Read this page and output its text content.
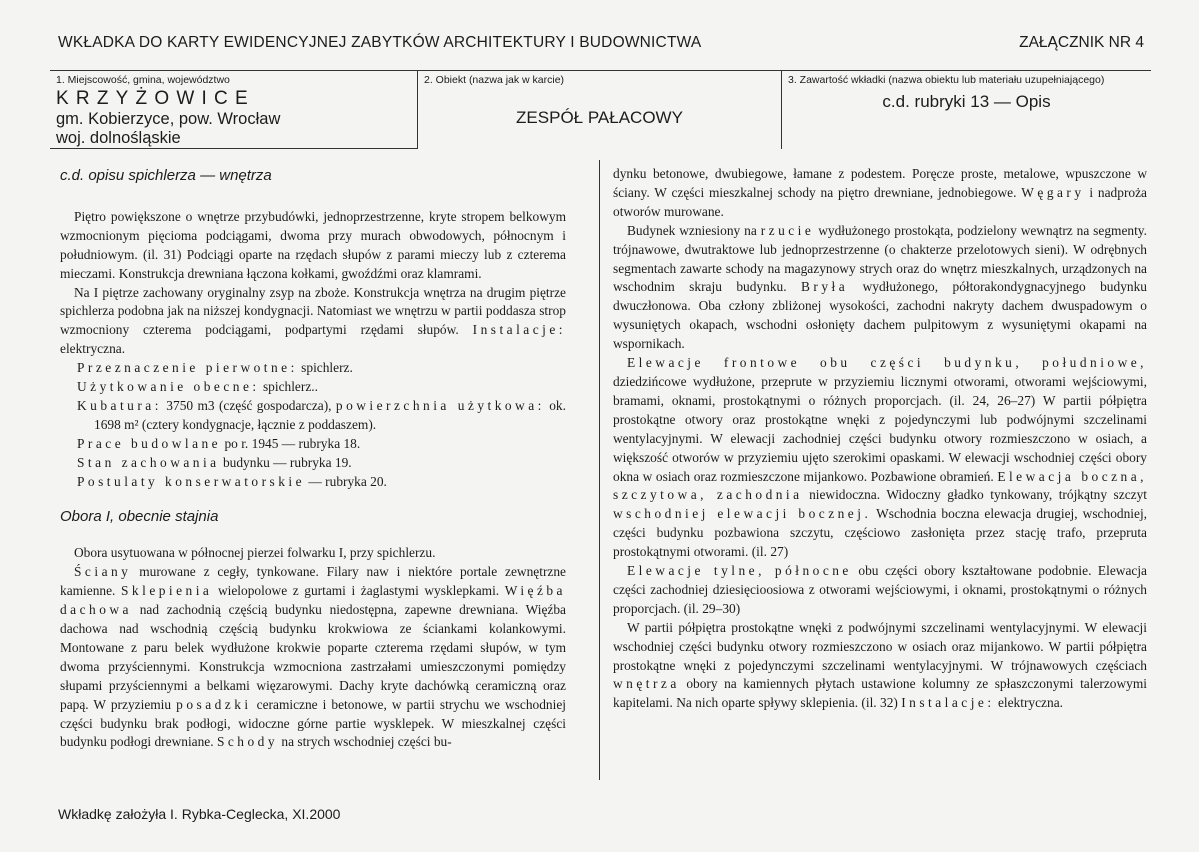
WKŁADKA DO KARTY EWIDENCYJNEJ ZABYTKÓW ARCHITEKTURY I BUDOWNICTWA	ZAŁĄCZNIK NR 4
1. Miejscowość, gmina, województwo
KRZYŻOWICE
gm. Kobierzyce, pow. Wrocław
woj. dolnośląskie
2. Obiekt (nazwa jak w karcie)
ZESPÓŁ PAŁACOWY
3. Zawartość wkładki (nazwa obiektu lub materiału uzupełniającego)
c.d. rubryki 13 — Opis
c.d. opisu spichlerza — wnętrza

Piętro powiększone o wnętrze przybudówki, jednoprzestrzenne, kryte stropem belkowym wzmocnionym pięcioma podciągami, dwoma przy murach obwodowych, północnym i południowym. (il. 31) Podciągi oparte na rzędach słupów z parami mieczy lub z czterema mieczami. Konstrukcja drewniana łączona kołkami, gwoźdźmi oraz klamrami.

Na I piętrze zachowany oryginalny zsyp na zboże. Konstrukcja wnętrza na drugim piętrze spichlerza podobna jak na niższej kondygnacji. Natomiast we wnętrzu w partii poddasza strop wzmocniony czterema podciągami, podpartymi rzędami słupów. Instalacje: elektryczna.

Przeznaczenie pierwotne: spichlerz.

Użytkowanie obecne: spichlerz..

Kubatura: 3750 m3 (część gospodarcza), powierzchnia użytkowa: ok. 1698 m² (cztery kondygnacje, łącznie z poddaszem).

Prace budowlane po r. 1945 — rubryka 18.

Stan zachowania budynku — rubryka 19.

Postulaty konserwatorskie — rubryka 20.

Obora I, obecnie stajnia

Obora usytuowana w północnej pierzei folwarku I, przy spichlerzu.

Ściany murowane z cegły, tynkowane. Filary naw i niektóre portale zewnętrzne kamienne. Sklepienia wielopolowe z gurtami i żaglastymi wysklepkami. Więźba dachowa nad zachodnią częścią budynku niedostępna, zapewne drewniana. Więźba dachowa nad wschodnią częścią budynku krokwiowa ze ściankami kolankowymi. Montowane z paru belek wydłużone krokwie poparte czterema rzędami słupów, w tym dwoma przyściennymi. Konstrukcja wzmocniona zastrzałami umieszczonymi pomiędzy słupami przyściennymi a belkami więzarowymi. Dachy kryte dachówką ceramiczną oraz papą. W przyziemiu posadzki ceramiczne i betonowe, w partii strychu we wschodniej części budynku brak podłogi, widoczne górne partie wysklepek. W mieszkalnej części budynku podłogi drewniane. Schody na strych wschodniej części bu-

dynku betonowe, dwubiegowe, łamane z podestem. Poręcze proste, metalowe, wpuszczone w ściany. W części mieszkalnej schody na piętro drewniane, jednobiegowe. Węgary i nadproża otworów murowane.

Budynek wzniesiony na rzucie wydłużonego prostokąta, podzielony wewnątrz na segmenty. trójnawowe, dwutraktowe lub jednoprzestrzenne (o chakterze przelotowych sieni). W odrębnych segmentach zawarte schody na magazynowy strych oraz do wnętrz mieszkalnych, urządzonych na wschodnim skraju budynku. Bryła wydłużonego, półtorakondygnacyjnego budynku dwuczłonowa. Oba człony zbliżonej wysokości, zachodni nakryty dachem dwuspadowym o wysuniętych okapach, wschodni osłonięty dachem pulpitowym z wysuniętymi okapami na wspornikach.

Elewacje frontowe obu części budynku, południowe, dziedzińcowe wydłużone, przeprute w przyziemiu licznymi otworami, otworami wejściowymi, bramami, oknami, prostokątnymi o różnych proporcjach. (il. 24, 26–27) W partii półpiętra prostokątne otwory oraz prostokątne wnęki z pojedynczymi lub podwójnymi szczelinami wentylacyjnymi. W elewacji zachodniej części budynku otwory rozmieszczono w osiach, a większość otworów w przyziemiu ujęto szerokimi opaskami. W elewacji wschodniej części obory okna w osiach oraz rozmieszczone mijankowo. Pozbawione obramień. Elewacja boczna, szczytowa, zachodnia niewidoczna. Widoczny gładko tynkowany, trójkątny szczyt wschodniej elewacji bocznej. Wschodnia boczna elewacja drugiej, wschodniej, części budynku pozbawiona szczytu, częściowo zasłonięta przez stację trafo, przeprutа prostokątnymi otworami. (il. 27)

Elewacje tylne, północne obu części obory kształtowane podobnie. Elewacja części zachodniej dziesięcioosiowa z otworami wejściowymi, i oknami, prostokątnymi o różnych proporcjach. (il. 29–30)

W partii półpiętra prostokątne wnęki z podwójnymi szczelinami wentylacyjnymi. W elewacji wschodniej części budynku otwory rozmieszczono w osiach oraz mijankowo. W partii półpiętra prostokątne wnęki z pojedynczymi szczelinami wentylacyjnymi. W trójnawowych częściach wnętrza obory na kamiennych płytach ustawione kolumny ze spłaszczonymi talerzowymi kapitelami. Na nich oparte spływy sklepienia. (il. 32) Instalacje: elektryczna.

Wkładkę założyła I. Rybka-Ceglecka, XI.2000
